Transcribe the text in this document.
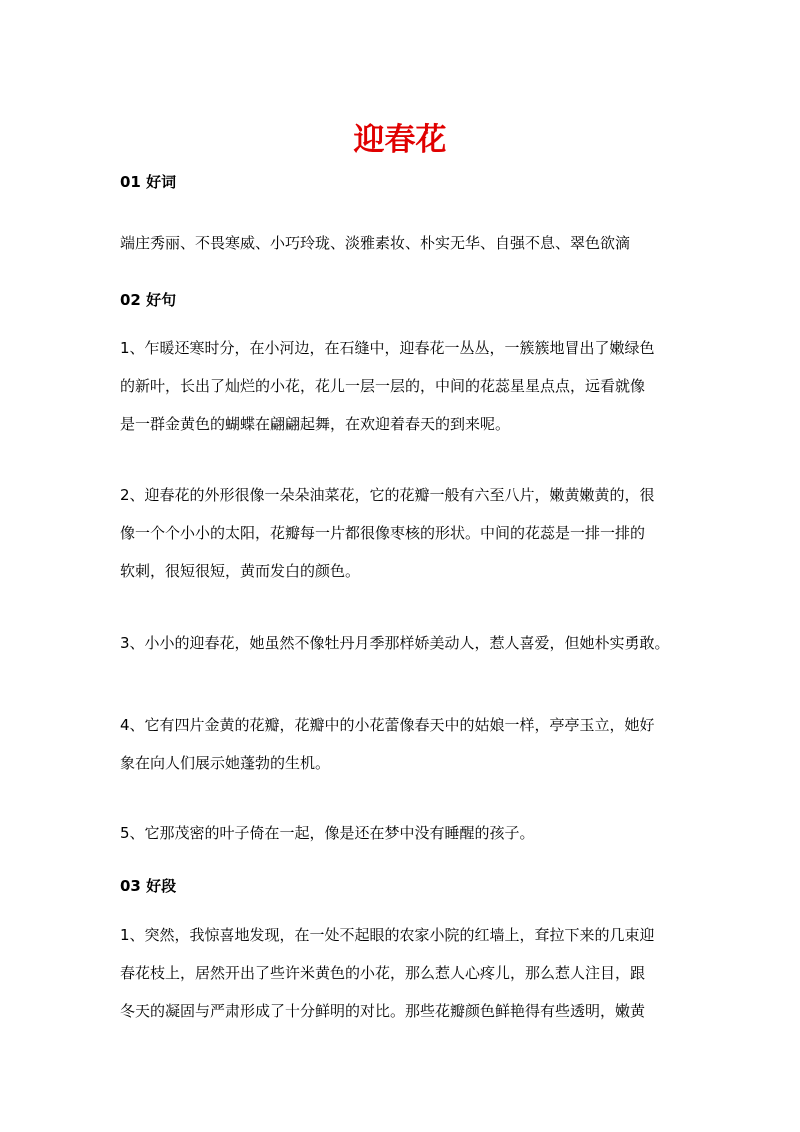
迎春花
01 好词
端庄秀丽、不畏寒威、小巧玲珑、淡雅素妆、朴实无华、自强不息、翠色欲滴
02 好句
1、乍暖还寒时分，在小河边，在石缝中，迎春花一丛丛，一簇簇地冒出了嫩绿色
的新叶，长出了灿烂的小花，花儿一层一层的，中间的花蕊星星点点，远看就像
是一群金黄色的蝴蝶在翩翩起舞，在欢迎着春天的到来呢。
2、迎春花的外形很像一朵朵油菜花，它的花瓣一般有六至八片，嫩黄嫩黄的，很
像一个个小小的太阳，花瓣每一片都很像枣核的形状。中间的花蕊是一排一排的
软刺，很短很短，黄而发白的颜色。
3、小小的迎春花，她虽然不像牡丹月季那样娇美动人，惹人喜爱，但她朴实勇敢。
4、它有四片金黄的花瓣，花瓣中的小花蕾像春天中的姑娘一样，亭亭玉立，她好
象在向人们展示她蓬勃的生机。
5、它那茂密的叶子倚在一起，像是还在梦中没有睡醒的孩子。
03 好段
1、突然，我惊喜地发现，在一处不起眼的农家小院的红墙上，耷拉下来的几束迎
春花枝上，居然开出了些许米黄色的小花，那么惹人心疼儿，那么惹人注目，跟
冬天的凝固与严肃形成了十分鲜明的对比。那些花瓣颜色鲜艳得有些透明，嫩黄
